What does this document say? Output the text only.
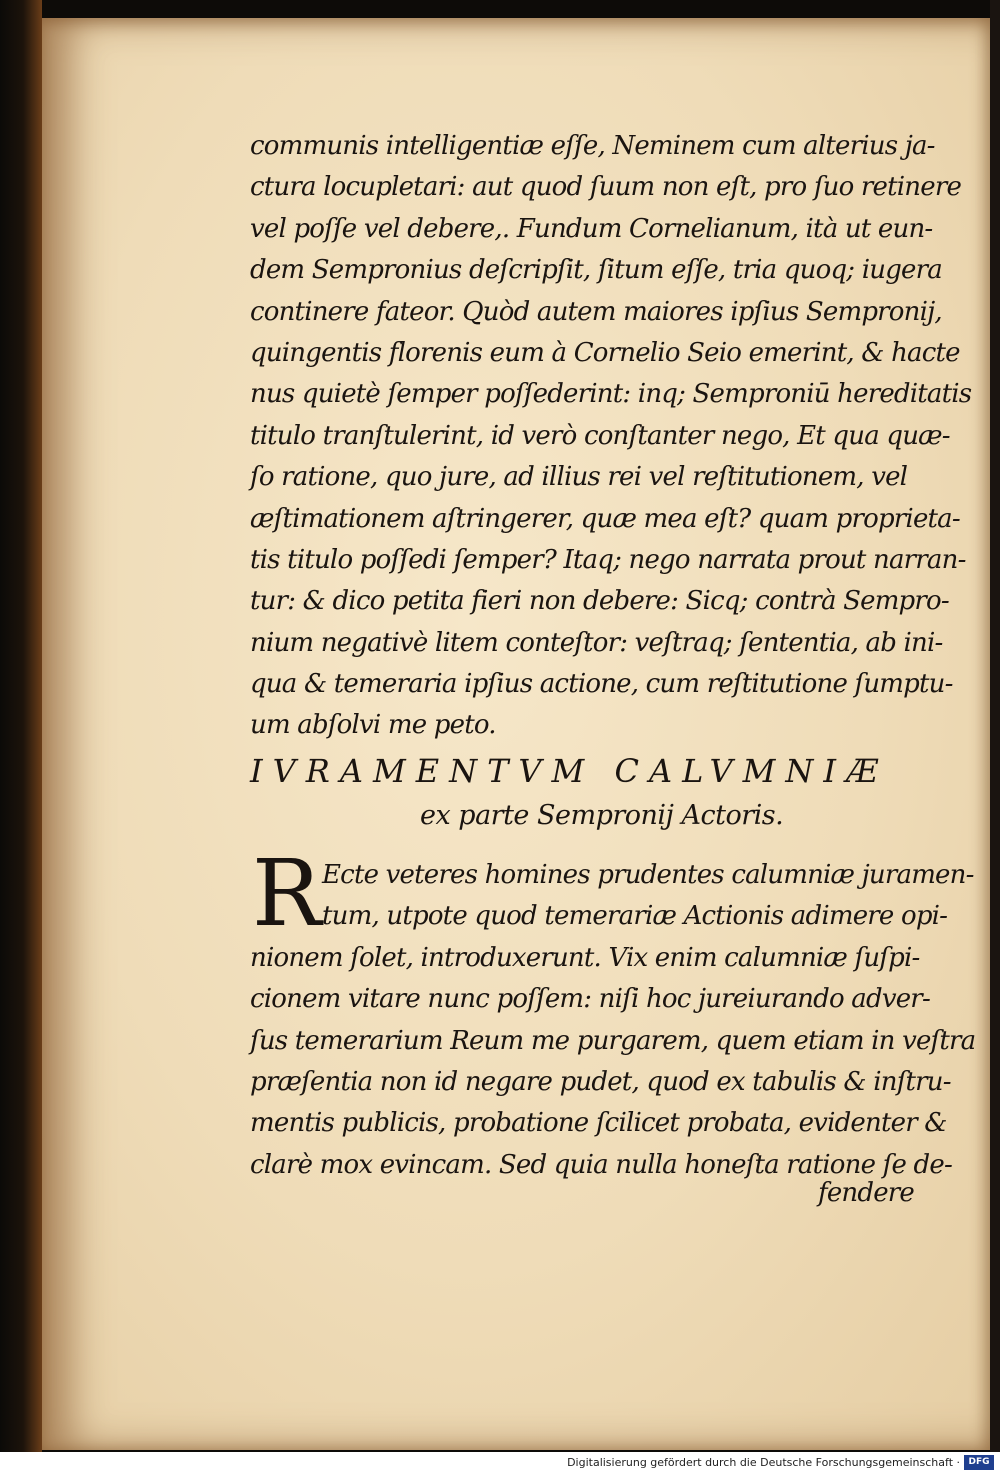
communis intelligentiæ eſſe, Neminem cum alterius ja-
ctura locupletari: aut quod ſuum non eſt, pro ſuo retinere
vel poſſe vel debere,. Fundum Cornelianum, ità ut eun-
dem Sempronius deſcripſit, ſitum eſſe, tria quoq; iugera
continere fateor. Quòd autem maiores ipſius Sempronij,
quingentis florenis eum à Cornelio Seio emerint, & hacte
nus quietè ſemper poſſederint: inq; Semproniū hereditatis
titulo tranſtulerint, id verò conſtanter nego, Et qua quæ-
ſo ratione, quo jure, ad illius rei vel reſtitutionem, vel
æſtimationem aſtringerer, quæ mea eſt? quam proprieta-
tis titulo poſſedi ſemper? Itaq; nego narrata prout narran-
tur: & dico petita fieri non debere: Sicq; contrà Sempro-
nium negativè litem conteſtor: veſtraq; ſententia, ab ini-
qua & temeraria ipſius actione, cum reſtitutione ſumptu-
um abſolvi me peto.
IVRAMENTVM CALVMNIÆ
ex parte Sempronij Actoris.
R Ecte veteres homines prudentes calumniæ juramen-
tum, utpote quod temerariæ Actionis adimere opi-
nionem ſolet, introduxerunt. Vix enim calumniæ ſuſpi-
cionem vitare nunc poſſem: niſi hoc jureiurando adver-
ſus temerarium Reum me purgarem, quem etiam in veſtra
præſentia non id negare pudet, quod ex tabulis & inſtru-
mentis publicis, probatione ſcilicet probata, evidenter &
clarè mox evincam. Sed quia nulla honeſta ratione ſe de-
fendere
Digitalisierung gefördert durch die Deutsche Forschungsgemeinschaft · DFG
